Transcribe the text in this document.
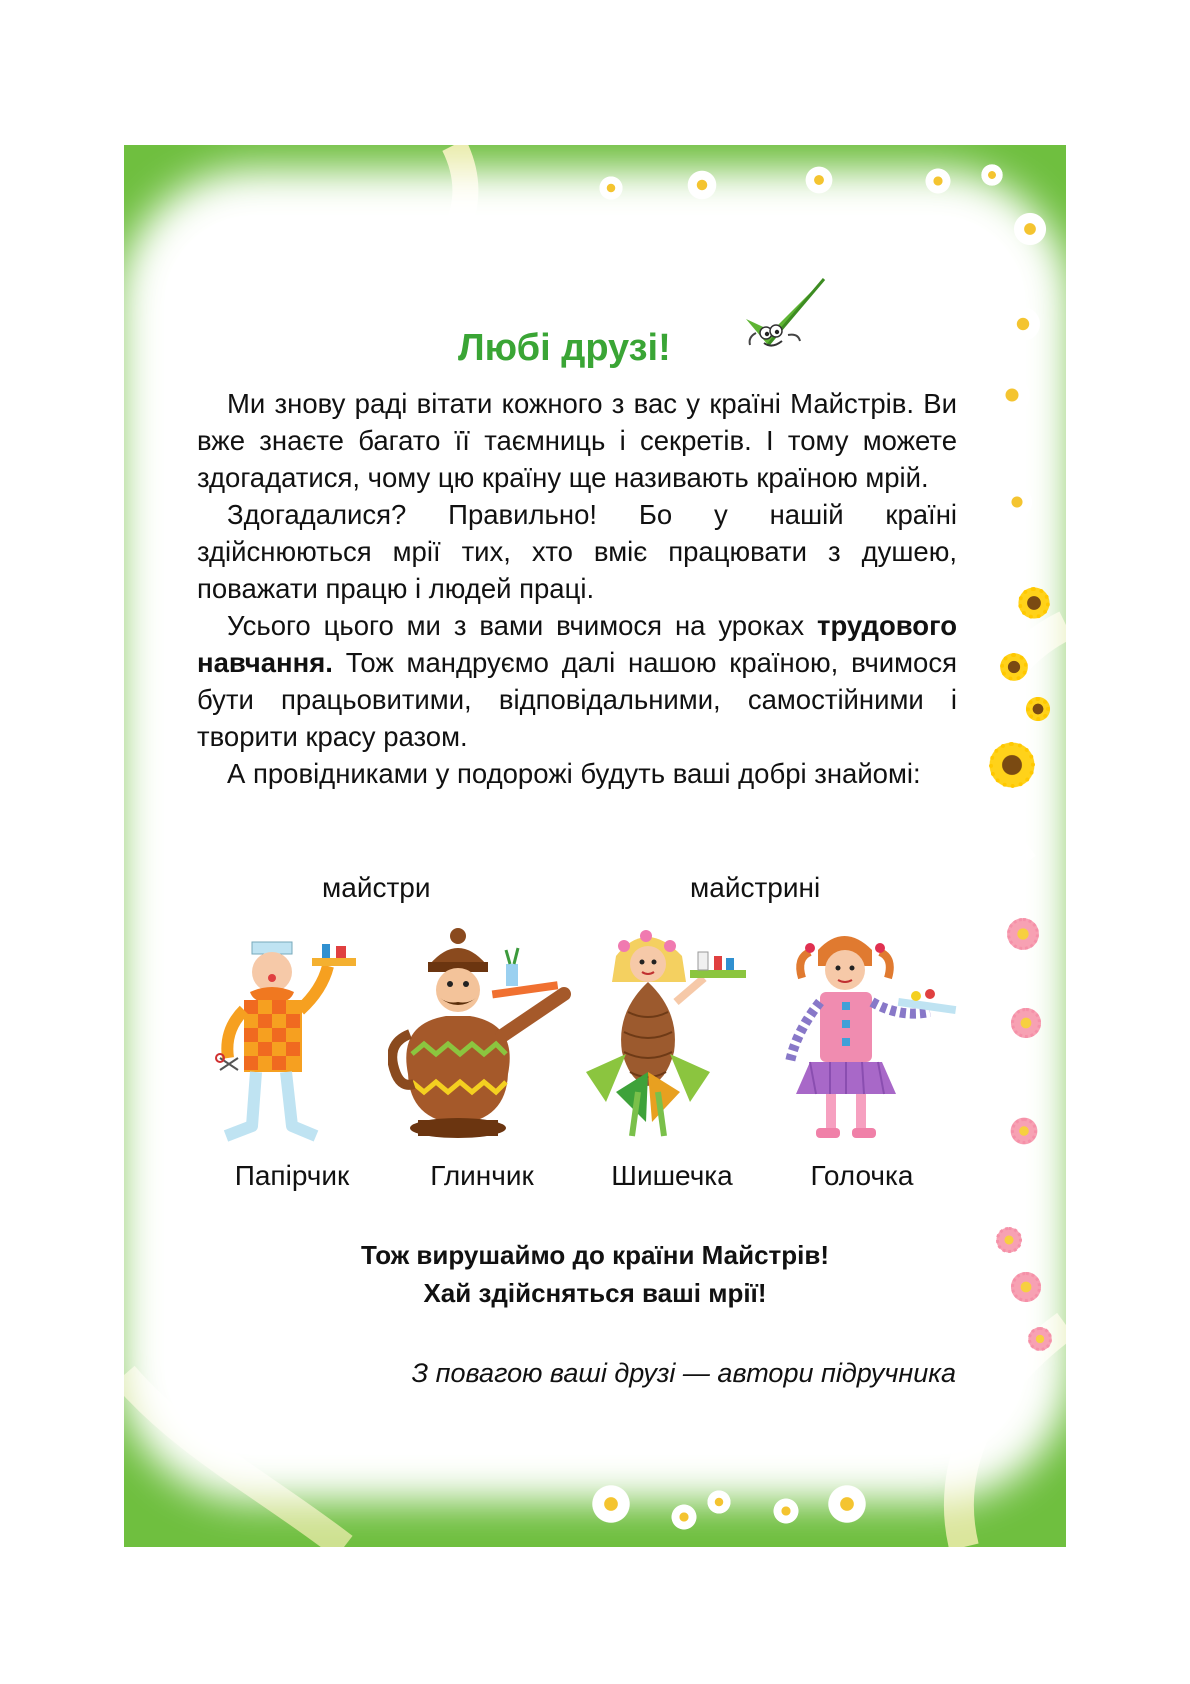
Любі друзі!

Ми знову раді вітати кожного з вас у країні Майстрів. Ви вже знаєте багато її таємниць і секретів. І тому можете здогадатися, чому цю країну ще називають країною мрій.

Здогадалися? Правильно! Бо у нашій країні здійснюються мрії тих, хто вміє працювати з душею, поважати працю і людей праці.

Усього цього ми з вами вчимося на уроках трудового навчання. Тож мандруємо далі нашою країною, вчимося бути працьовитими, відповідальними, самостійними і творити красу разом.

А провідниками у подорожі будуть ваші добрі знайомі:

майстри	майстрині
Папірчик	Глинчик	Шишечка	Голочка
Тож вирушаймо до країни Майстрів!
Хай здійсняться ваші мрії!
З повагою ваші друзі — автори підручника
